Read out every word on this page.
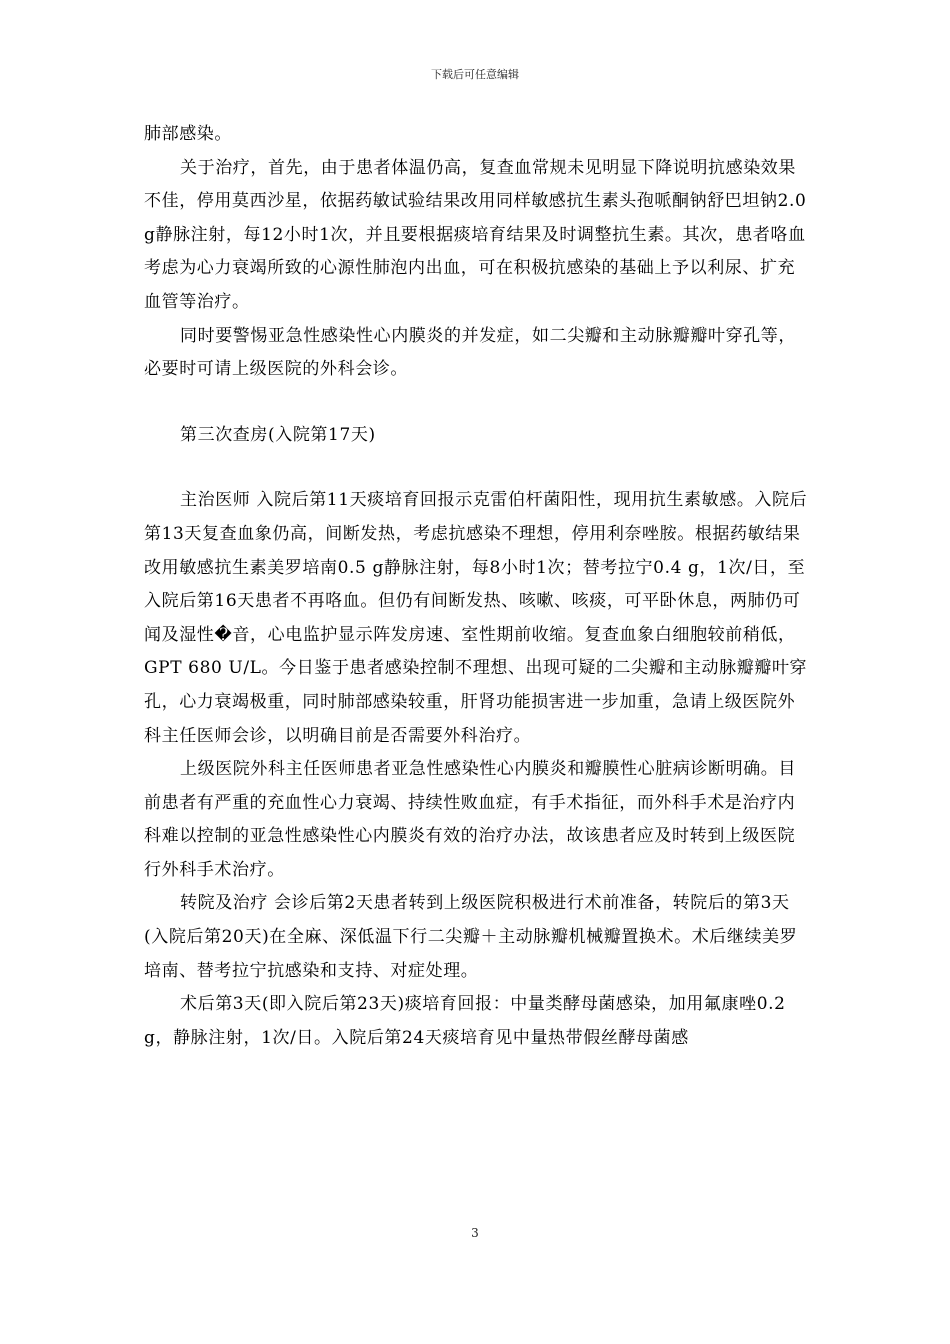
下载后可任意编辑

肺部感染。

关于治疗，首先，由于患者体温仍高，复查血常规未见明显下降说明抗感染效果不佳，停用莫西沙星，依据药敏试验结果改用同样敏感抗生素头孢哌酮钠舒巴坦钠2.0 g静脉注射，每12小时1次，并且要根据痰培育结果及时调整抗生素。其次，患者咯血考虑为心力衰竭所致的心源性肺泡内出血，可在积极抗感染的基础上予以利尿、扩充血管等治疗。

同时要警惕亚急性感染性心内膜炎的并发症，如二尖瓣和主动脉瓣瓣叶穿孔等，必要时可请上级医院的外科会诊。

第三次查房(入院第17天)

主治医师 入院后第11天痰培育回报示克雷伯杆菌阳性，现用抗生素敏感。入院后第13天复查血象仍高，间断发热，考虑抗感染不理想，停用利奈唑胺。根据药敏结果改用敏感抗生素美罗培南0.5 g静脉注射，每8小时1次；替考拉宁0.4 g，1次/日，至入院后第16天患者不再咯血。但仍有间断发热、咳嗽、咳痰，可平卧休息，两肺仍可闻及湿性�音，心电监护显示阵发房速、室性期前收缩。复查血象白细胞较前稍低，GPT 680 U/L。今日鉴于患者感染控制不理想、出现可疑的二尖瓣和主动脉瓣瓣叶穿孔，心力衰竭极重，同时肺部感染较重，肝肾功能损害进一步加重，急请上级医院外科主任医师会诊，以明确目前是否需要外科治疗。

上级医院外科主任医师患者亚急性感染性心内膜炎和瓣膜性心脏病诊断明确。目前患者有严重的充血性心力衰竭、持续性败血症，有手术指征，而外科手术是治疗内科难以控制的亚急性感染性心内膜炎有效的治疗办法，故该患者应及时转到上级医院行外科手术治疗。

转院及治疗 会诊后第2天患者转到上级医院积极进行术前准备，转院后的第3天(入院后第20天)在全麻、深低温下行二尖瓣＋主动脉瓣机械瓣置换术。术后继续美罗培南、替考拉宁抗感染和支持、对症处理。

术后第3天(即入院后第23天)痰培育回报：中量类酵母菌感染，加用氟康唑0.2 g，静脉注射，1次/日。入院后第24天痰培育见中量热带假丝酵母菌感

3
